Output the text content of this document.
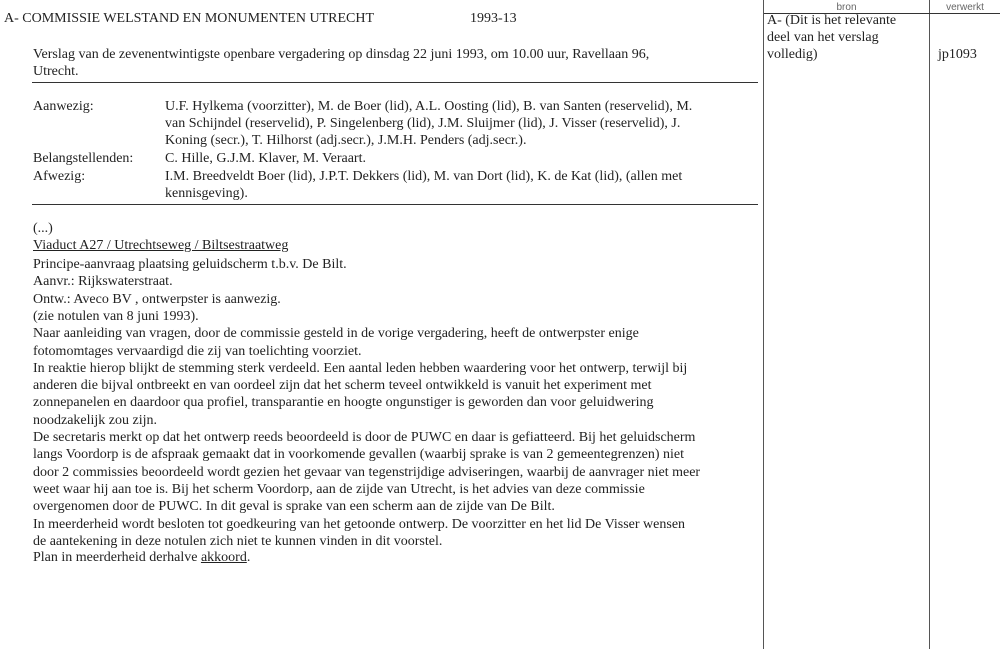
bron	verwerkt
A- COMMISSIE WELSTAND EN MONUMENTEN UTRECHT	1993-13
Verslag van de zevenentwintigste openbare vergadering op dinsdag 22 juni 1993, om 10.00 uur, Ravellaan 96,
Utrecht.
A- (Dit is het relevante
deel van het verslag
volledig)	jp1093
Aanwezig:	U.F. Hylkema (voorzitter), M. de Boer (lid), A.L. Oosting (lid), B. van Santen (reservelid), M.
van Schijndel (reservelid), P. Singelenberg (lid), J.M. Sluijmer (lid), J. Visser (reservelid), J.
Koning (secr.), T. Hilhorst (adj.secr.), J.M.H. Penders (adj.secr.).
Belangstellenden: C. Hille, G.J.M. Klaver, M. Veraart.
Afwezig:	I.M. Breedveldt Boer (lid), J.P.T. Dekkers (lid), M. van Dort (lid), K. de Kat (lid), (allen met
kennisgeving).
(...)
Viaduct A27 / Utrechtseweg / Biltsestraatweg
Principe-aanvraag plaatsing geluidscherm t.b.v. De Bilt.
Aanvr.: Rijkswaterstraat.
Ontw.: Aveco BV , ontwerpster is aanwezig.
(zie notulen van 8 juni 1993).
Naar aanleiding van vragen, door de commissie gesteld in de vorige vergadering, heeft de ontwerpster enige
fotomomtages vervaardigd die zij van toelichting voorziet.
In reaktie hierop blijkt de stemming sterk verdeeld. Een aantal leden hebben waardering voor het ontwerp, terwijl bij
anderen die bijval ontbreekt en van oordeel zijn dat het scherm teveel ontwikkeld is vanuit het experiment met
zonnepanelen en daardoor qua profiel, transparantie en hoogte ongunstiger is geworden dan voor geluidwering
noodzakelijk zou zijn.
De secretaris merkt op dat het ontwerp reeds beoordeeld is door de PUWC en daar is gefiatteerd. Bij het geluidscherm
langs Voordorp is de afspraak gemaakt dat in voorkomende gevallen (waarbij sprake is van 2 gemeentegrenzen) niet
door 2 commissies beoordeeld wordt gezien het gevaar van tegenstrijdige adviseringen, waarbij de aanvrager niet meer
weet waar hij aan toe is. Bij het scherm Voordorp, aan de zijde van Utrecht, is het advies van deze commissie
overgenomen door de PUWC. In dit geval is sprake van een scherm aan de zijde van De Bilt.
In meerderheid wordt besloten tot goedkeuring van het getoonde ontwerp. De voorzitter en het lid De Visser wensen
de aantekening in deze notulen zich niet te kunnen vinden in dit voorstel.
Plan in meerderheid derhalve akkoord.
